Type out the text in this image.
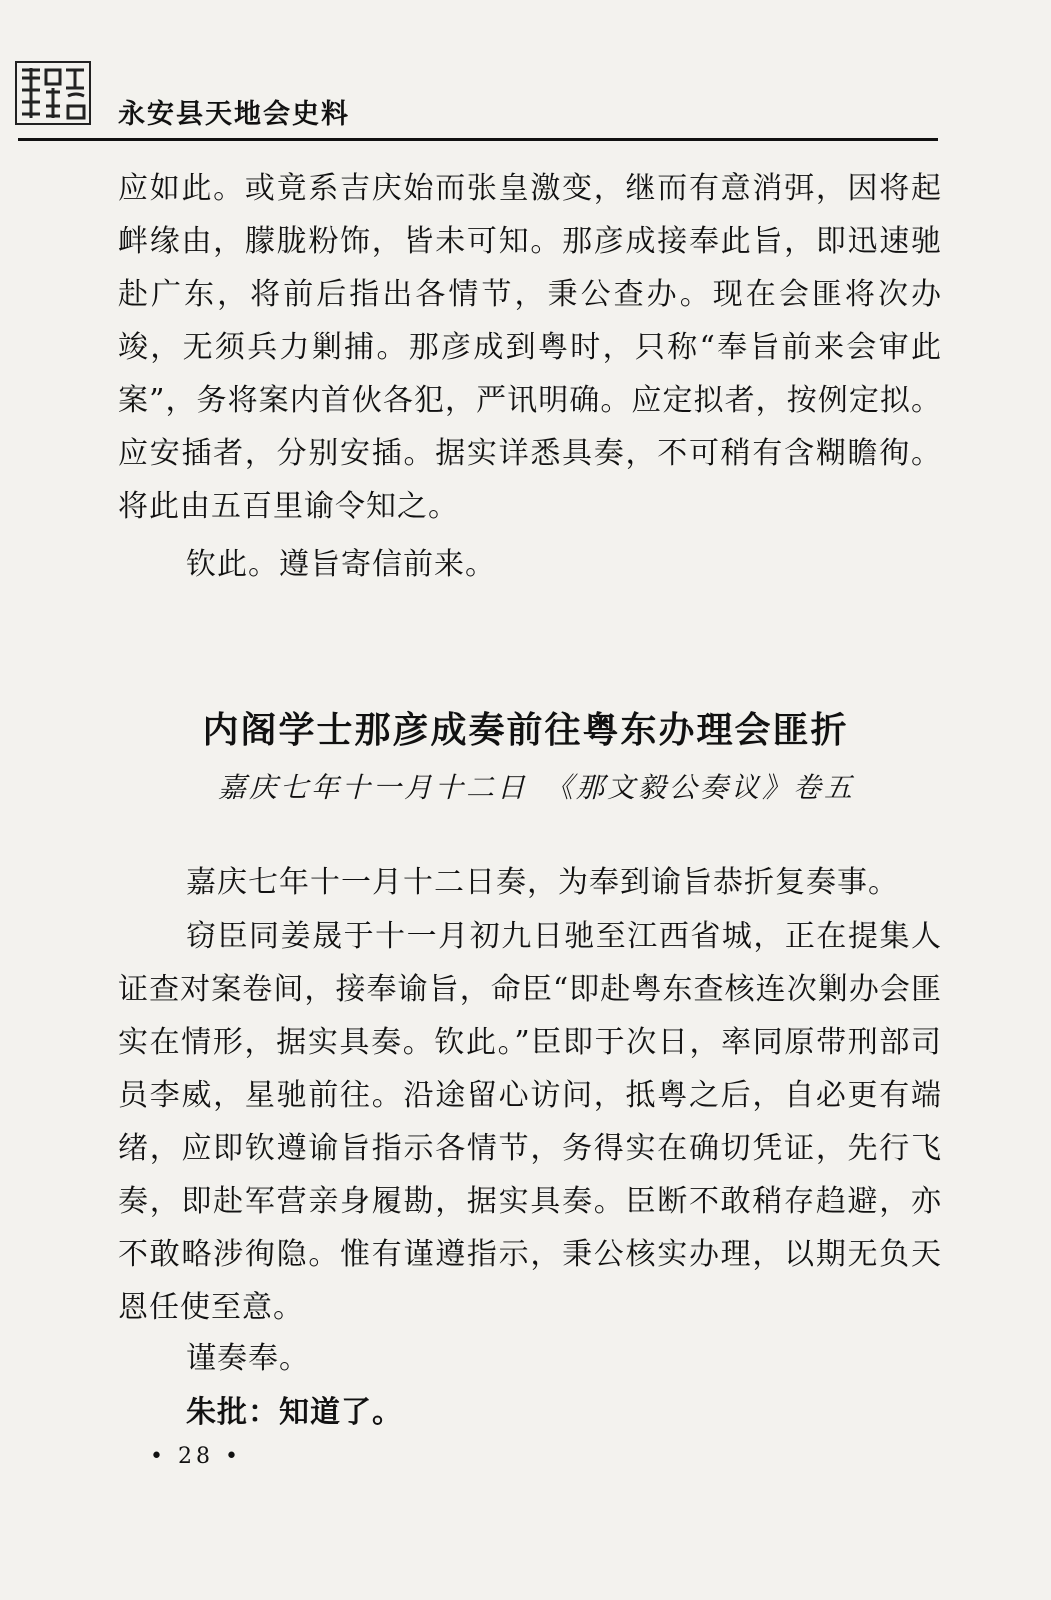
永安县天地会史料

应如此。或竟系吉庆始而张皇激变，继而有意消弭，因将起衅缘由，朦胧粉饰，皆未可知。那彦成接奉此旨，即迅速驰赴广东，将前后指出各情节，秉公查办。现在会匪将次办竣，无须兵力剿捕。那彦成到粤时，只称“奉旨前来会审此案”，务将案内首伙各犯，严讯明确。应定拟者，按例定拟。应安插者，分别安插。据实详悉具奏，不可稍有含糊瞻徇。将此由五百里谕令知之。

钦此。遵旨寄信前来。

内阁学士那彦成奏前往粤东办理会匪折
嘉庆七年十一月十二日　《那文毅公奏议》卷五

嘉庆七年十一月十二日奏，为奉到谕旨恭折复奏事。

窃臣同姜晟于十一月初九日驰至江西省城，正在提集人证查对案卷间，接奉谕旨，命臣“即赴粤东查核连次剿办会匪实在情形，据实具奏。钦此。”臣即于次日，率同原带刑部司员李威，星驰前往。沿途留心访问，抵粤之后，自必更有端绪，应即钦遵谕旨指示各情节，务得实在确切凭证，先行飞奏，即赴军营亲身履勘，据实具奏。臣断不敢稍存趋避，亦不敢略涉徇隐。惟有谨遵指示，秉公核实办理，以期无负天恩任使至意。

谨奏奉。

朱批：知道了。

• 28 •
